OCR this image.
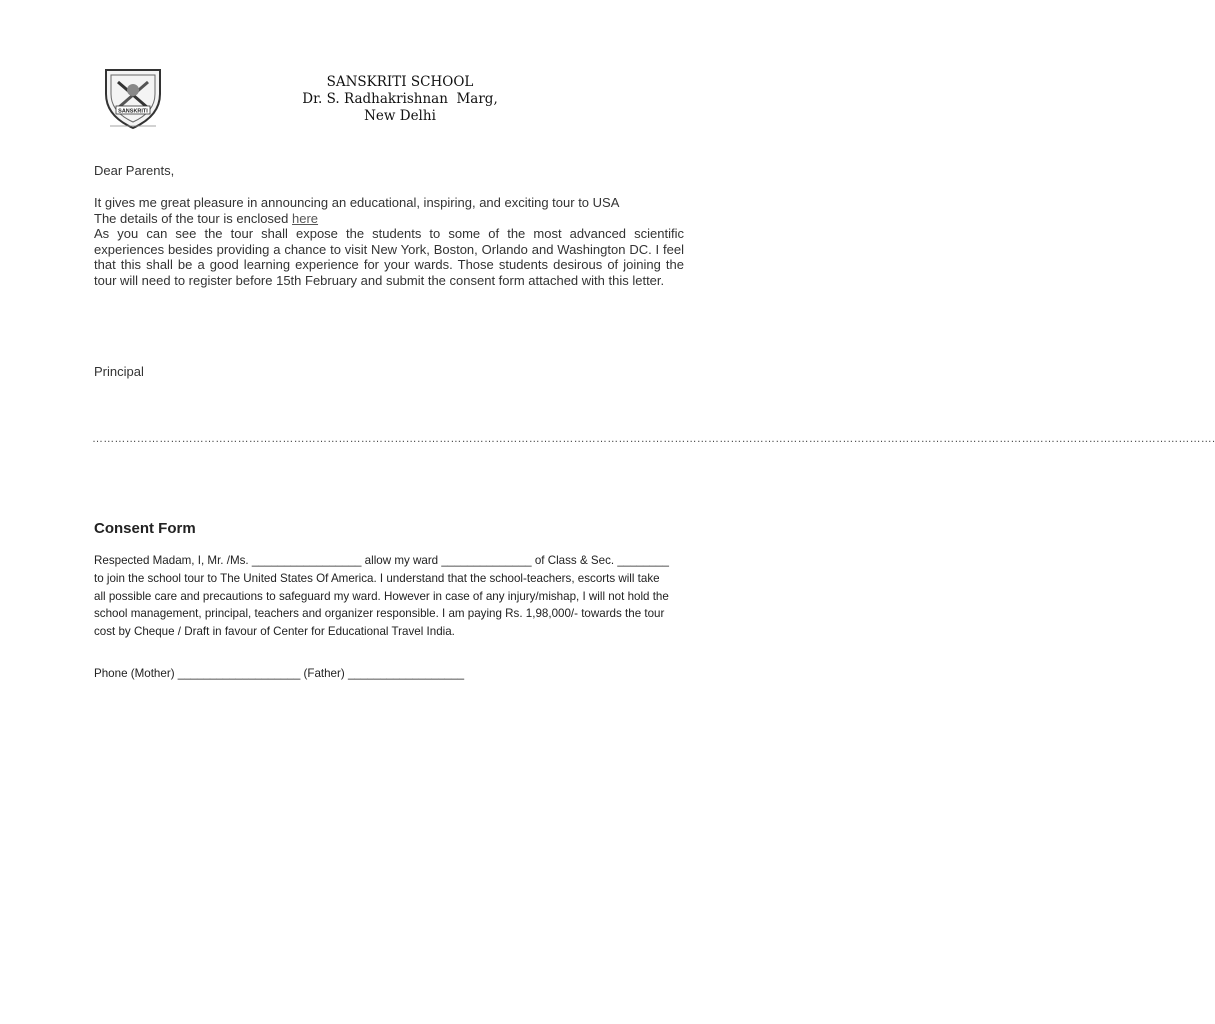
SANSKRITI
SANSKRITI SCHOOL
Dr. S. Radhakrishnan  Marg,
New Delhi
Dear Parents,

It gives me great pleasure in announcing an educational, inspiring, and exciting tour to USA

The details of the tour is enclosed here

As you can see the tour shall expose the students to some of the most advanced scientific experiences besides providing a chance to visit New York, Boston, Orlando and Washington DC. I feel that this shall be a good learning experience for your wards. Those students desirous of joining the tour will need to register before 15th February and submit the consent form attached with this letter.

Principal
………………………………………………………………………………………………………………………………………………………………………………………………………………………………………………………………………….
Consent Form
Respected Madam, I, Mr. /Ms. _________________ allow my ward ______________ of Class & Sec. ________ to join the school tour to The United States Of America. I understand that the school-teachers, escorts will take all possible care and precautions to safeguard my ward. However in case of any injury/mishap, I will not hold the school management, principal, teachers and organizer responsible. I am paying Rs. 1,98,000/- towards the tour cost by Cheque / Draft in favour of Center for Educational Travel India.
Phone (Mother) ___________________ (Father) __________________
